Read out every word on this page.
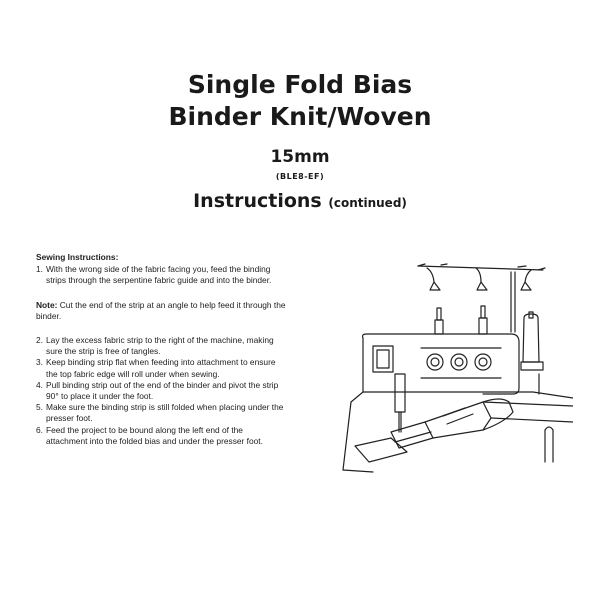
Single Fold Bias
Binder Knit/Woven
15mm
(BLE8-EF)
Instructions (continued)
Sewing Instructions:
1. With the wrong side of the fabric facing you, feed the binding strips through the serpentine fabric guide and into the binder.
Note: Cut the end of the strip at an angle to help feed it through the binder.
2. Lay the excess fabric strip to the right of the machine, making sure the strip is free of tangles.
3. Keep binding strip flat when feeding into attachment to ensure the top fabric edge will roll under when sewing.
4. Pull binding strip out of the end of the binder and pivot the strip 90° to place it under the foot.
5. Make sure the binding strip is still folded when placing under the presser foot.
6. Feed the project to be bound along the left end of the attachment into the folded bias and under the presser foot.
